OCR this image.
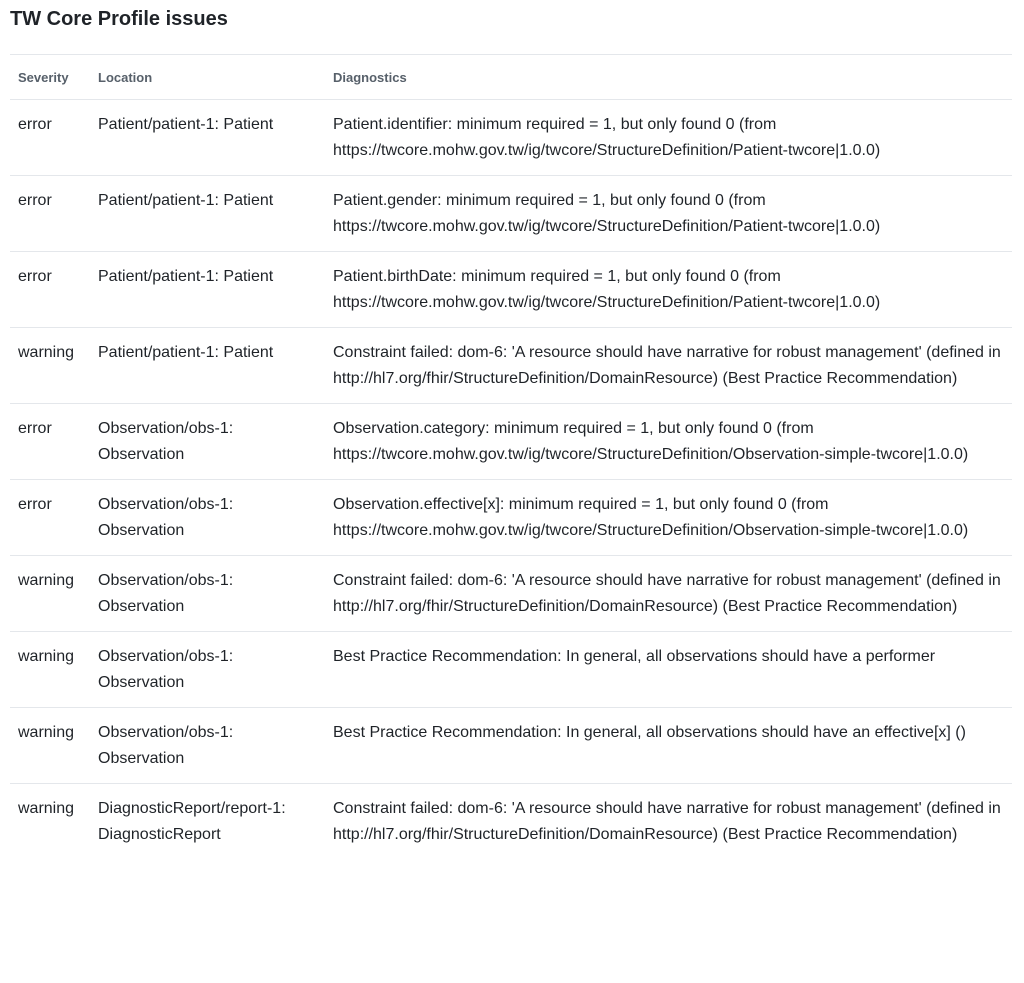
TW Core Profile issues
Severity	Location	Diagnostics
error	Patient/patient-1: Patient	Patient.identifier: minimum required = 1, but only found 0 (from https://twcore.mohw.gov.tw/ig/twcore/StructureDefinition/Patient-twcore|1.0.0)
error	Patient/patient-1: Patient	Patient.gender: minimum required = 1, but only found 0 (from https://twcore.mohw.gov.tw/ig/twcore/StructureDefinition/Patient-twcore|1.0.0)
error	Patient/patient-1: Patient	Patient.birthDate: minimum required = 1, but only found 0 (from https://twcore.mohw.gov.tw/ig/twcore/StructureDefinition/Patient-twcore|1.0.0)
warning	Patient/patient-1: Patient	Constraint failed: dom-6: 'A resource should have narrative for robust management' (defined in http://hl7.org/fhir/StructureDefinition/DomainResource) (Best Practice Recommendation)
error	Observation/obs-1: Observation	Observation.category: minimum required = 1, but only found 0 (from https://twcore.mohw.gov.tw/ig/twcore/StructureDefinition/Observation-simple-twcore|1.0.0)
error	Observation/obs-1: Observation	Observation.effective[x]: minimum required = 1, but only found 0 (from https://twcore.mohw.gov.tw/ig/twcore/StructureDefinition/Observation-simple-twcore|1.0.0)
warning	Observation/obs-1: Observation	Constraint failed: dom-6: 'A resource should have narrative for robust management' (defined in http://hl7.org/fhir/StructureDefinition/DomainResource) (Best Practice Recommendation)
warning	Observation/obs-1: Observation	Best Practice Recommendation: In general, all observations should have a performer
warning	Observation/obs-1: Observation	Best Practice Recommendation: In general, all observations should have an effective[x] ()
warning	DiagnosticReport/report-1: DiagnosticReport	Constraint failed: dom-6: 'A resource should have narrative for robust management' (defined in http://hl7.org/fhir/StructureDefinition/DomainResource) (Best Practice Recommendation)
